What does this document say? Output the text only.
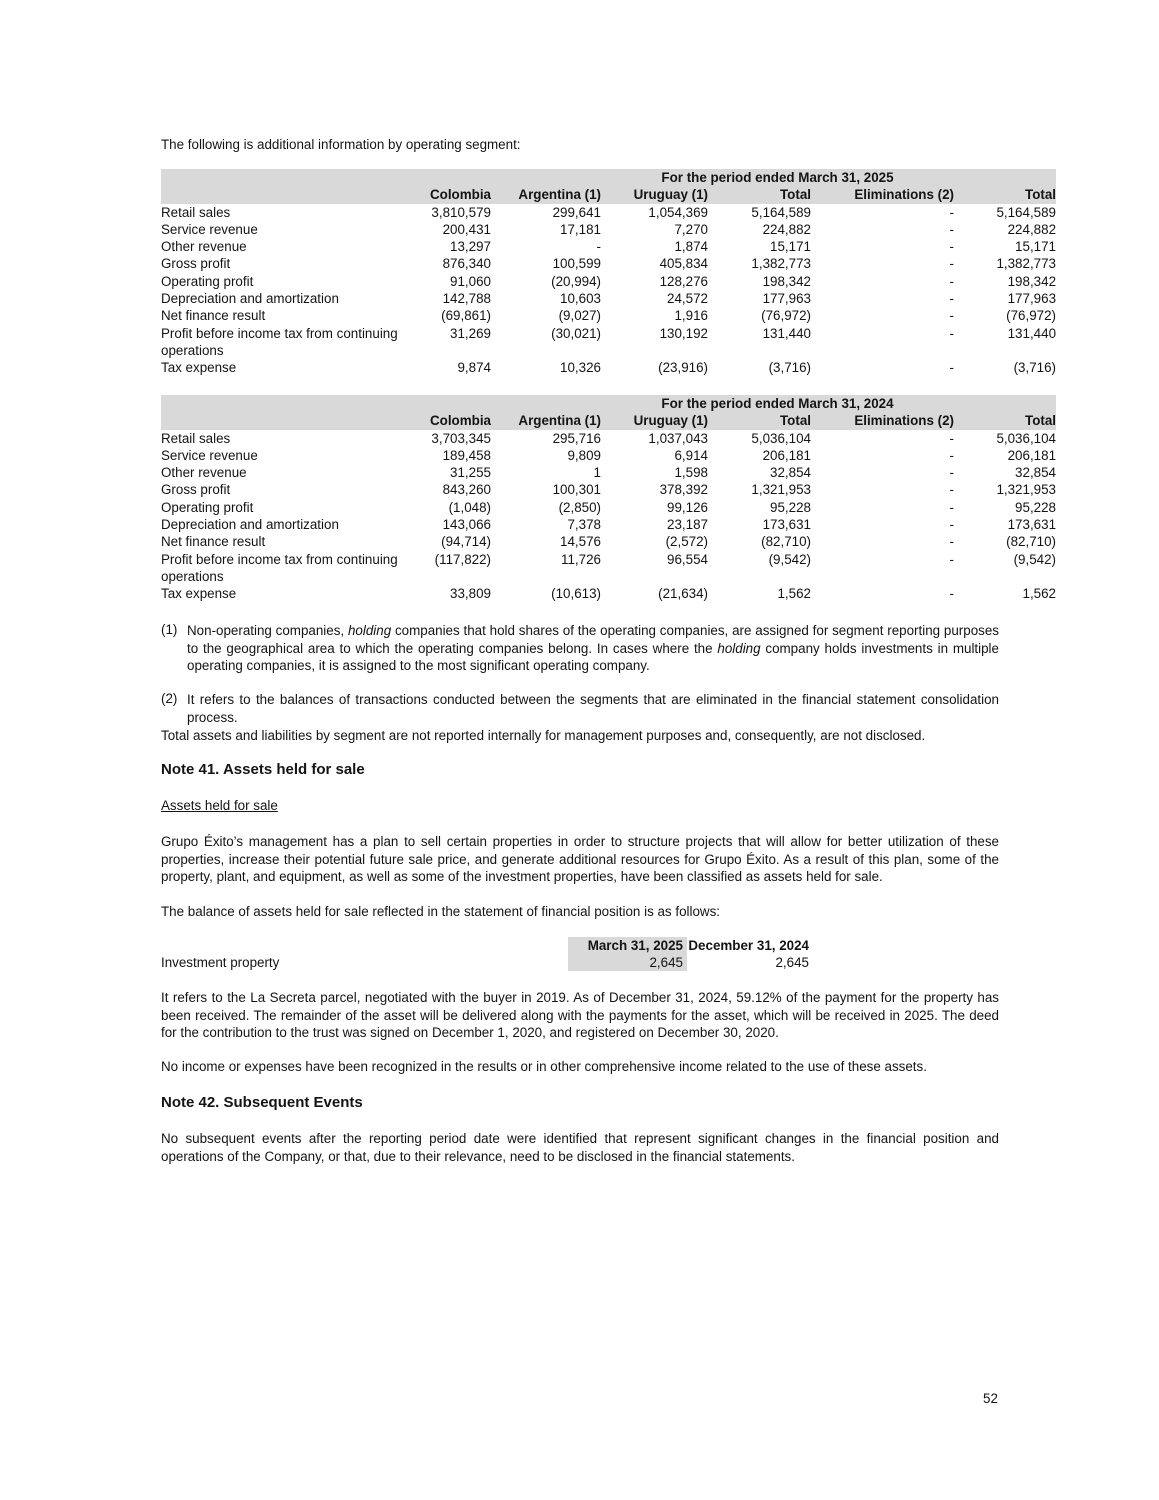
The following is additional information by operating segment:

			For the period ended March 31, 2025			
	Colombia	Argentina (1)	Uruguay (1)	Total	Eliminations (2)	Total
Retail sales	3,810,579	299,641	1,054,369	5,164,589	-	5,164,589
Service revenue	200,431	17,181	7,270	224,882	-	224,882
Other revenue	13,297	-	1,874	15,171	-	15,171
Gross profit	876,340	100,599	405,834	1,382,773	-	1,382,773
Operating profit	91,060	(20,994)	128,276	198,342	-	198,342
Depreciation and amortization	142,788	10,603	24,572	177,963	-	177,963
Net finance result	(69,861)	(9,027)	1,916	(76,972)	-	(76,972)
Profit before income tax from continuing operations	31,269	(30,021)	130,192	131,440	-	131,440
Tax expense	9,874	10,326	(23,916)	(3,716)	-	(3,716)
			For the period ended March 31, 2024			
	Colombia	Argentina (1)	Uruguay (1)	Total	Eliminations (2)	Total
Retail sales	3,703,345	295,716	1,037,043	5,036,104	-	5,036,104
Service revenue	189,458	9,809	6,914	206,181	-	206,181
Other revenue	31,255	1	1,598	32,854	-	32,854
Gross profit	843,260	100,301	378,392	1,321,953	-	1,321,953
Operating profit	(1,048)	(2,850)	99,126	95,228	-	95,228
Depreciation and amortization	143,066	7,378	23,187	173,631	-	173,631
Net finance result	(94,714)	14,576	(2,572)	(82,710)	-	(82,710)
Profit before income tax from continuing operations	(117,822)	11,726	96,554	(9,542)	-	(9,542)
Tax expense	33,809	(10,613)	(21,634)	1,562	-	1,562
(1) Non-operating companies, holding companies that hold shares of the operating companies, are assigned for segment reporting purposes to the geographical area to which the operating companies belong. In cases where the holding company holds investments in multiple operating companies, it is assigned to the most significant operating company.

(2) It refers to the balances of transactions conducted between the segments that are eliminated in the financial statement consolidation process.

Total assets and liabilities by segment are not reported internally for management purposes and, consequently, are not disclosed.

Note 41. Assets held for sale

Assets held for sale

Grupo Éxito’s management has a plan to sell certain properties in order to structure projects that will allow for better utilization of these properties, increase their potential future sale price, and generate additional resources for Grupo Éxito. As a result of this plan, some of the property, plant, and equipment, as well as some of the investment properties, have been classified as assets held for sale.

The balance of assets held for sale reflected in the statement of financial position is as follows:

	March 31, 2025	December 31, 2024
Investment property	2,645	2,645

It refers to the La Secreta parcel, negotiated with the buyer in 2019. As of December 31, 2024, 59.12% of the payment for the property has been received. The remainder of the asset will be delivered along with the payments for the asset, which will be received in 2025. The deed for the contribution to the trust was signed on December 1, 2020, and registered on December 30, 2020.

No income or expenses have been recognized in the results or in other comprehensive income related to the use of these assets.

Note 42. Subsequent Events

No subsequent events after the reporting period date were identified that represent significant changes in the financial position and operations of the Company, or that, due to their relevance, need to be disclosed in the financial statements.

52
